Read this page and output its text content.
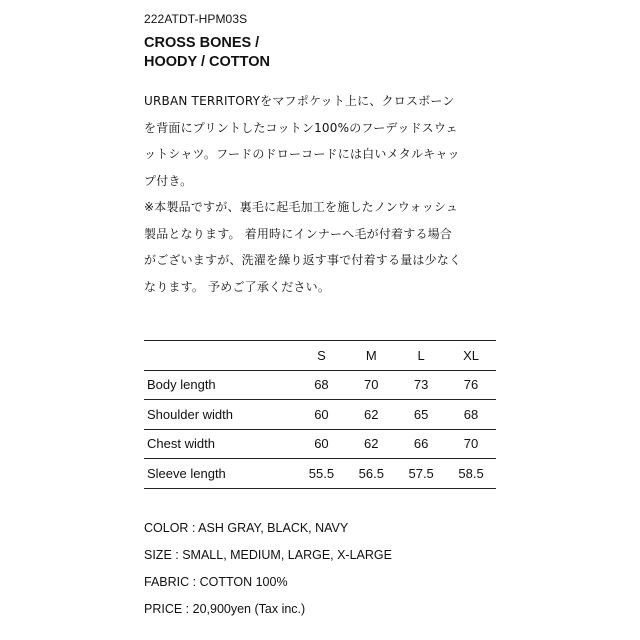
222ATDT-HPM03S
CROSS BONES /
HOODY / COTTON
URBAN TERRITORYをマフポケット上に、クロスボーン
を背面にプリントしたコットン100%のフーデッドスウェ
ットシャツ。フードのドローコードには白いメタルキャッ
プ付き。
※本製品ですが、裏毛に起毛加工を施したノンウォッシュ
製品となります。 着用時にインナーへ毛が付着する場合
がございますが、洗濯を繰り返す事で付着する量は少なく
なります。 予めご了承ください。
	S	M	L	XL
Body length	68	70	73	76
Shoulder width	60	62	65	68
Chest width	60	62	66	70
Sleeve length	55.5	56.5	57.5	58.5
COLOR : ASH GRAY, BLACK, NAVY
SIZE : SMALL, MEDIUM, LARGE, X-LARGE
FABRIC : COTTON 100%
PRICE : 20,900yen (Tax inc.)
